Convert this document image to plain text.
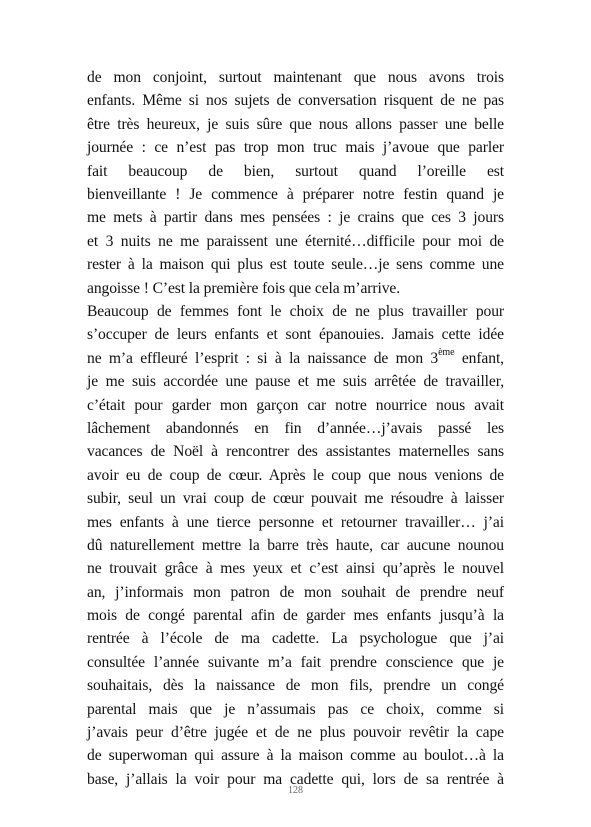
de mon conjoint, surtout maintenant que nous avons trois
enfants. Même si nos sujets de conversation risquent de ne pas
être très heureux, je suis sûre que nous allons passer une belle
journée : ce n’est pas trop mon truc mais j’avoue que parler
fait beaucoup de bien, surtout quand l’oreille est
bienveillante ! Je commence à préparer notre festin quand je
me mets à partir dans mes pensées : je crains que ces 3 jours
et 3 nuits ne me paraissent une éternité…difficile pour moi de
rester à la maison qui plus est toute seule…je sens comme une
angoisse ! C’est la première fois que cela m’arrive.
Beaucoup de femmes font le choix de ne plus travailler pour
s’occuper de leurs enfants et sont épanouies. Jamais cette idée
ne m’a effleuré l’esprit : si à la naissance de mon 3ème enfant,
je me suis accordée une pause et me suis arrêtée de travailler,
c’était pour garder mon garçon car notre nourrice nous avait
lâchement abandonnés en fin d’année…j’avais passé les
vacances de Noël à rencontrer des assistantes maternelles sans
avoir eu de coup de cœur. Après le coup que nous venions de
subir, seul un vrai coup de cœur pouvait me résoudre à laisser
mes enfants à une tierce personne et retourner travailler… j’ai
dû naturellement mettre la barre très haute, car aucune nounou
ne trouvait grâce à mes yeux et c’est ainsi qu’après le nouvel
an, j’informais mon patron de mon souhait de prendre neuf
mois de congé parental afin de garder mes enfants jusqu’à la
rentrée à l’école de ma cadette. La psychologue que j’ai
consultée l’année suivante m’a fait prendre conscience que je
souhaitais, dès la naissance de mon fils, prendre un congé
parental mais que je n’assumais pas ce choix, comme si
j’avais peur d’être jugée et de ne plus pouvoir revêtir la cape
de superwoman qui assure à la maison comme au boulot…à la
base, j’allais la voir pour ma cadette qui, lors de sa rentrée à
128
